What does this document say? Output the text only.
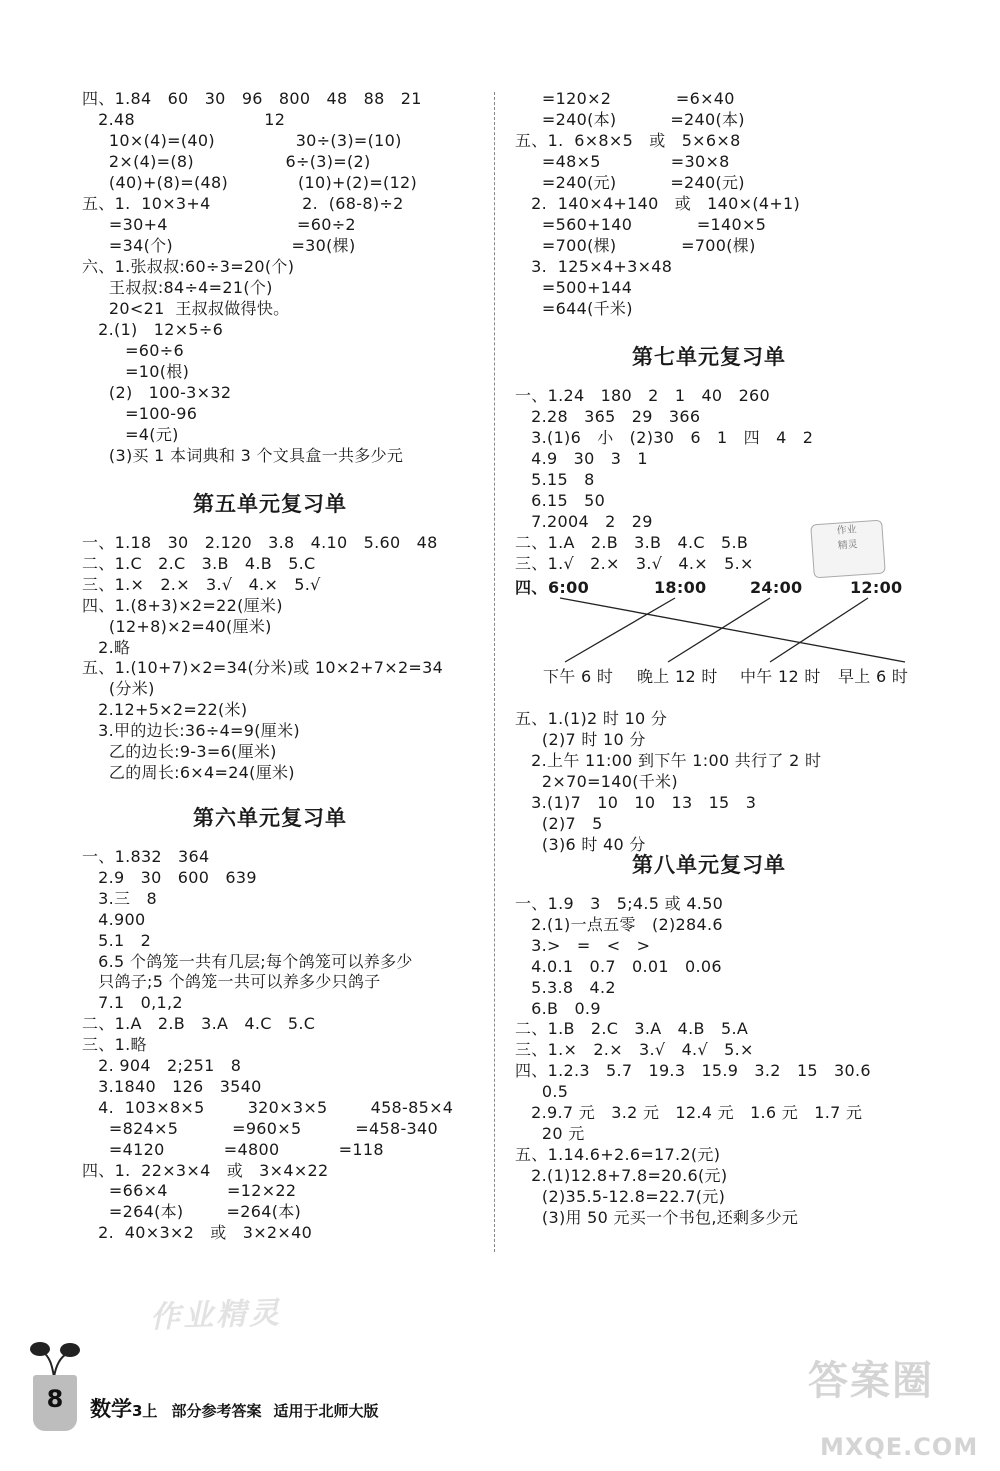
四、1.84   60   30   96   800   48   88   21
2.48                        12
10×(4)=(40)               30÷(3)=(10)
2×(4)=(8)                 6÷(3)=(2)
(40)+(8)=(48)             (10)+(2)=(12)
五、1.  10×3+4                 2.  (68-8)÷2
=30+4                        =60÷2
=34(个)                      =30(棵)
六、1.张叔叔:60÷3=20(个)
王叔叔:84÷4=21(个)
20<21  王叔叔做得快。
2.(1)   12×5÷6
=60÷6
=10(根)
(2)   100-3×32
=100-96
=4(元)
(3)买 1 本词典和 3 个文具盒一共多少元
第五单元复习单
一、1.18   30   2.120   3.8   4.10   5.60   48
二、1.C   2.C   3.B   4.B   5.C
三、1.×   2.×   3.√   4.×   5.√
四、1.(8+3)×2=22(厘米)
(12+8)×2=40(厘米)
2.略
五、1.(10+7)×2=34(分米)或 10×2+7×2=34
(分米)
2.12+5×2=22(米)
3.甲的边长:36÷4=9(厘米)
乙的边长:9-3=6(厘米)
乙的周长:6×4=24(厘米)
第六单元复习单
一、1.832   364
2.9   30   600   639
3.三   8
4.900
5.1   2
6.5 个鸽笼一共有几层;每个鸽笼可以养多少
只鸽子;5 个鸽笼一共可以养多少只鸽子
7.1   0,1,2
二、1.A   2.B   3.A   4.C   5.C
三、1.略
2. 904   2;251   8
3.1840   126   3540
4.  103×8×5        320×3×5        458-85×4
=824×5          =960×5          =458-340
=4120           =4800           =118
四、1.  22×3×4   或   3×4×22
=66×4           =12×22
=264(本)        =264(本)
2.  40×3×2   或   3×2×40
=120×2            =6×40
=240(本)          =240(本)
五、1.  6×8×5   或   5×6×8
=48×5             =30×8
=240(元)          =240(元)
2.  140×4+140   或   140×(4+1)
=560+140            =140×5
=700(棵)            =700(棵)
3.  125×4+3×48
=500+144
=644(千米)
第七单元复习单
一、1.24   180   2   1   40   260
2.28   365   29   366
3.(1)6   小   (2)30   6   1   四   4   2
4.9   30   3   1
5.15   8
6.15   50
7.2004   2   29
二、1.A   2.B   3.B   4.C   5.B
三、1.√   2.×   3.√   4.×   5.×
五、1.(1)2 时 10 分
(2)7 时 10 分
2.上午 11:00 到下午 1:00 共行了 2 时
2×70=140(千米)
3.(1)7   10   10   13   15   3
(2)7   5
(3)6 时 40 分
第八单元复习单
一、1.9   3   5;4.5 或 4.50
2.(1)一点五零   (2)284.6
3.>   =   <   >
4.0.1   0.7   0.01   0.06
5.3.8   4.2
6.B   0.9
二、1.B   2.C   3.A   4.B   5.A
三、1.×   2.×   3.√   4.√   5.×
四、1.2.3   5.7   19.3   15.9   3.2   15   30.6
0.5
2.9.7 元   3.2 元   12.4 元   1.6 元   1.7 元
20 元
五、1.14.6+2.6=17.2(元)
2.(1)12.8+7.8=20.6(元)
(2)35.5-12.8=22.7(元)
(3)用 50 元买一个书包,还剩多少元
四、 6:00	18:00	24:00	12:00
下午 6 时 晚上 12 时 中午 12 时 早上 6 时
作业
精灵
作业精灵
8	数学3上 部分参考答案 适用于北师大版
答案圈
MXQE.COM
